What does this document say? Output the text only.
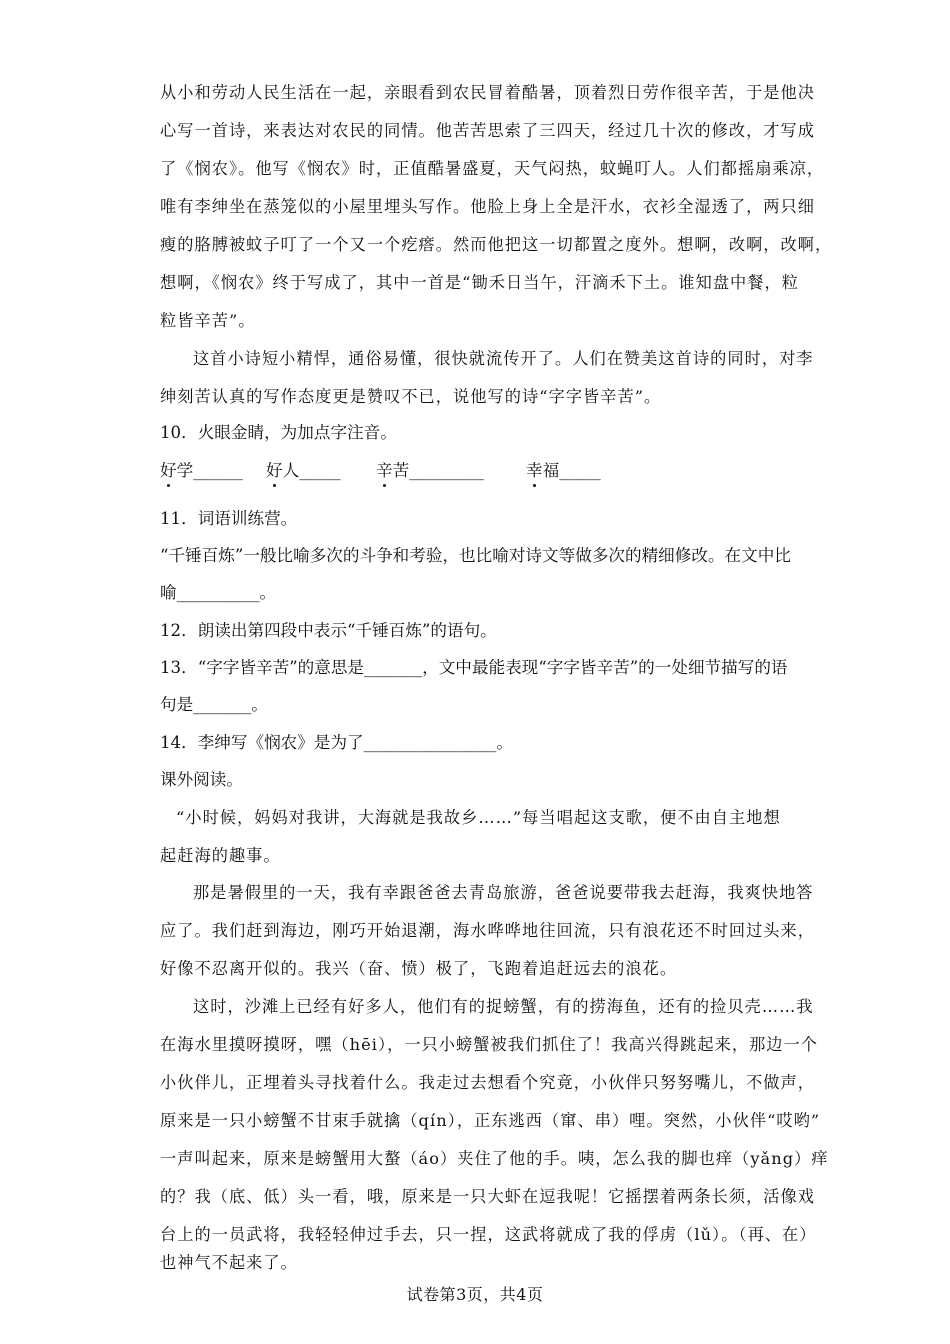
从小和劳动人民生活在一起，亲眼看到农民冒着酷暑，顶着烈日劳作很辛苦，于是他决
心写一首诗，来表达对农民的同情。他苦苦思索了三四天，经过几十次的修改，才写成
了《悯农》。他写《悯农》时，正值酷暑盛夏，天气闷热，蚊蝇叮人。人们都摇扇乘凉，
唯有李绅坐在蒸笼似的小屋里埋头写作。他脸上身上全是汗水，衣衫全湿透了，两只细
瘦的胳膊被蚊子叮了一个又一个疙瘩。然而他把这一切都置之度外。想啊，改啊，改啊，
想啊，《悯农》终于写成了，其中一首是“锄禾日当午，汗滴禾下土。谁知盘中餐，粒
粒皆辛苦”。
这首小诗短小精悍，通俗易懂，很快就流传开了。人们在赞美这首诗的同时，对李
绅刻苦认真的写作态度更是赞叹不已，说他写的诗“字字皆辛苦”。
10．火眼金睛，为加点字注音。
好学______ 好人_____ 辛苦_________	幸福_____
11．词语训练营。
“千锤百炼”一般比喻多次的斗争和考验，也比喻对诗文等做多次的精细修改。在文中比
喻__________。
12．朗读出第四段中表示“千锤百炼”的语句。
13．“字字皆辛苦”的意思是_______，文中最能表现“字字皆辛苦”的一处细节描写的语
句是_______。
14．李绅写《悯农》是为了________________。
课外阅读。
“小时候，妈妈对我讲，大海就是我故乡……”每当唱起这支歌，便不由自主地想
起赶海的趣事。
那是暑假里的一天，我有幸跟爸爸去青岛旅游，爸爸说要带我去赶海，我爽快地答
应了。我们赶到海边，刚巧开始退潮，海水哗哗地往回流，只有浪花还不时回过头来，
好像不忍离开似的。我兴（奋、愤）极了，飞跑着追赶远去的浪花。
这时，沙滩上已经有好多人，他们有的捉螃蟹，有的捞海鱼，还有的捡贝壳……我
在海水里摸呀摸呀，嘿（hēi），一只小螃蟹被我们抓住了！我高兴得跳起来，那边一个
小伙伴儿，正埋着头寻找着什么。我走过去想看个究竟，小伙伴只努努嘴儿，不做声，
原来是一只小螃蟹不甘束手就擒（qín），正东逃西（窜、串）哩。突然，小伙伴“哎哟”
一声叫起来，原来是螃蟹用大螯（áo）夹住了他的手。咦，怎么我的脚也痒（yǎng）痒
的？我（底、低）头一看，哦，原来是一只大虾在逗我呢！它摇摆着两条长须，活像戏
台上的一员武将，我轻轻伸过手去，只一捏，这武将就成了我的俘虏（lǔ）。（再、在）
也神气不起来了。
试卷第3页，共4页
